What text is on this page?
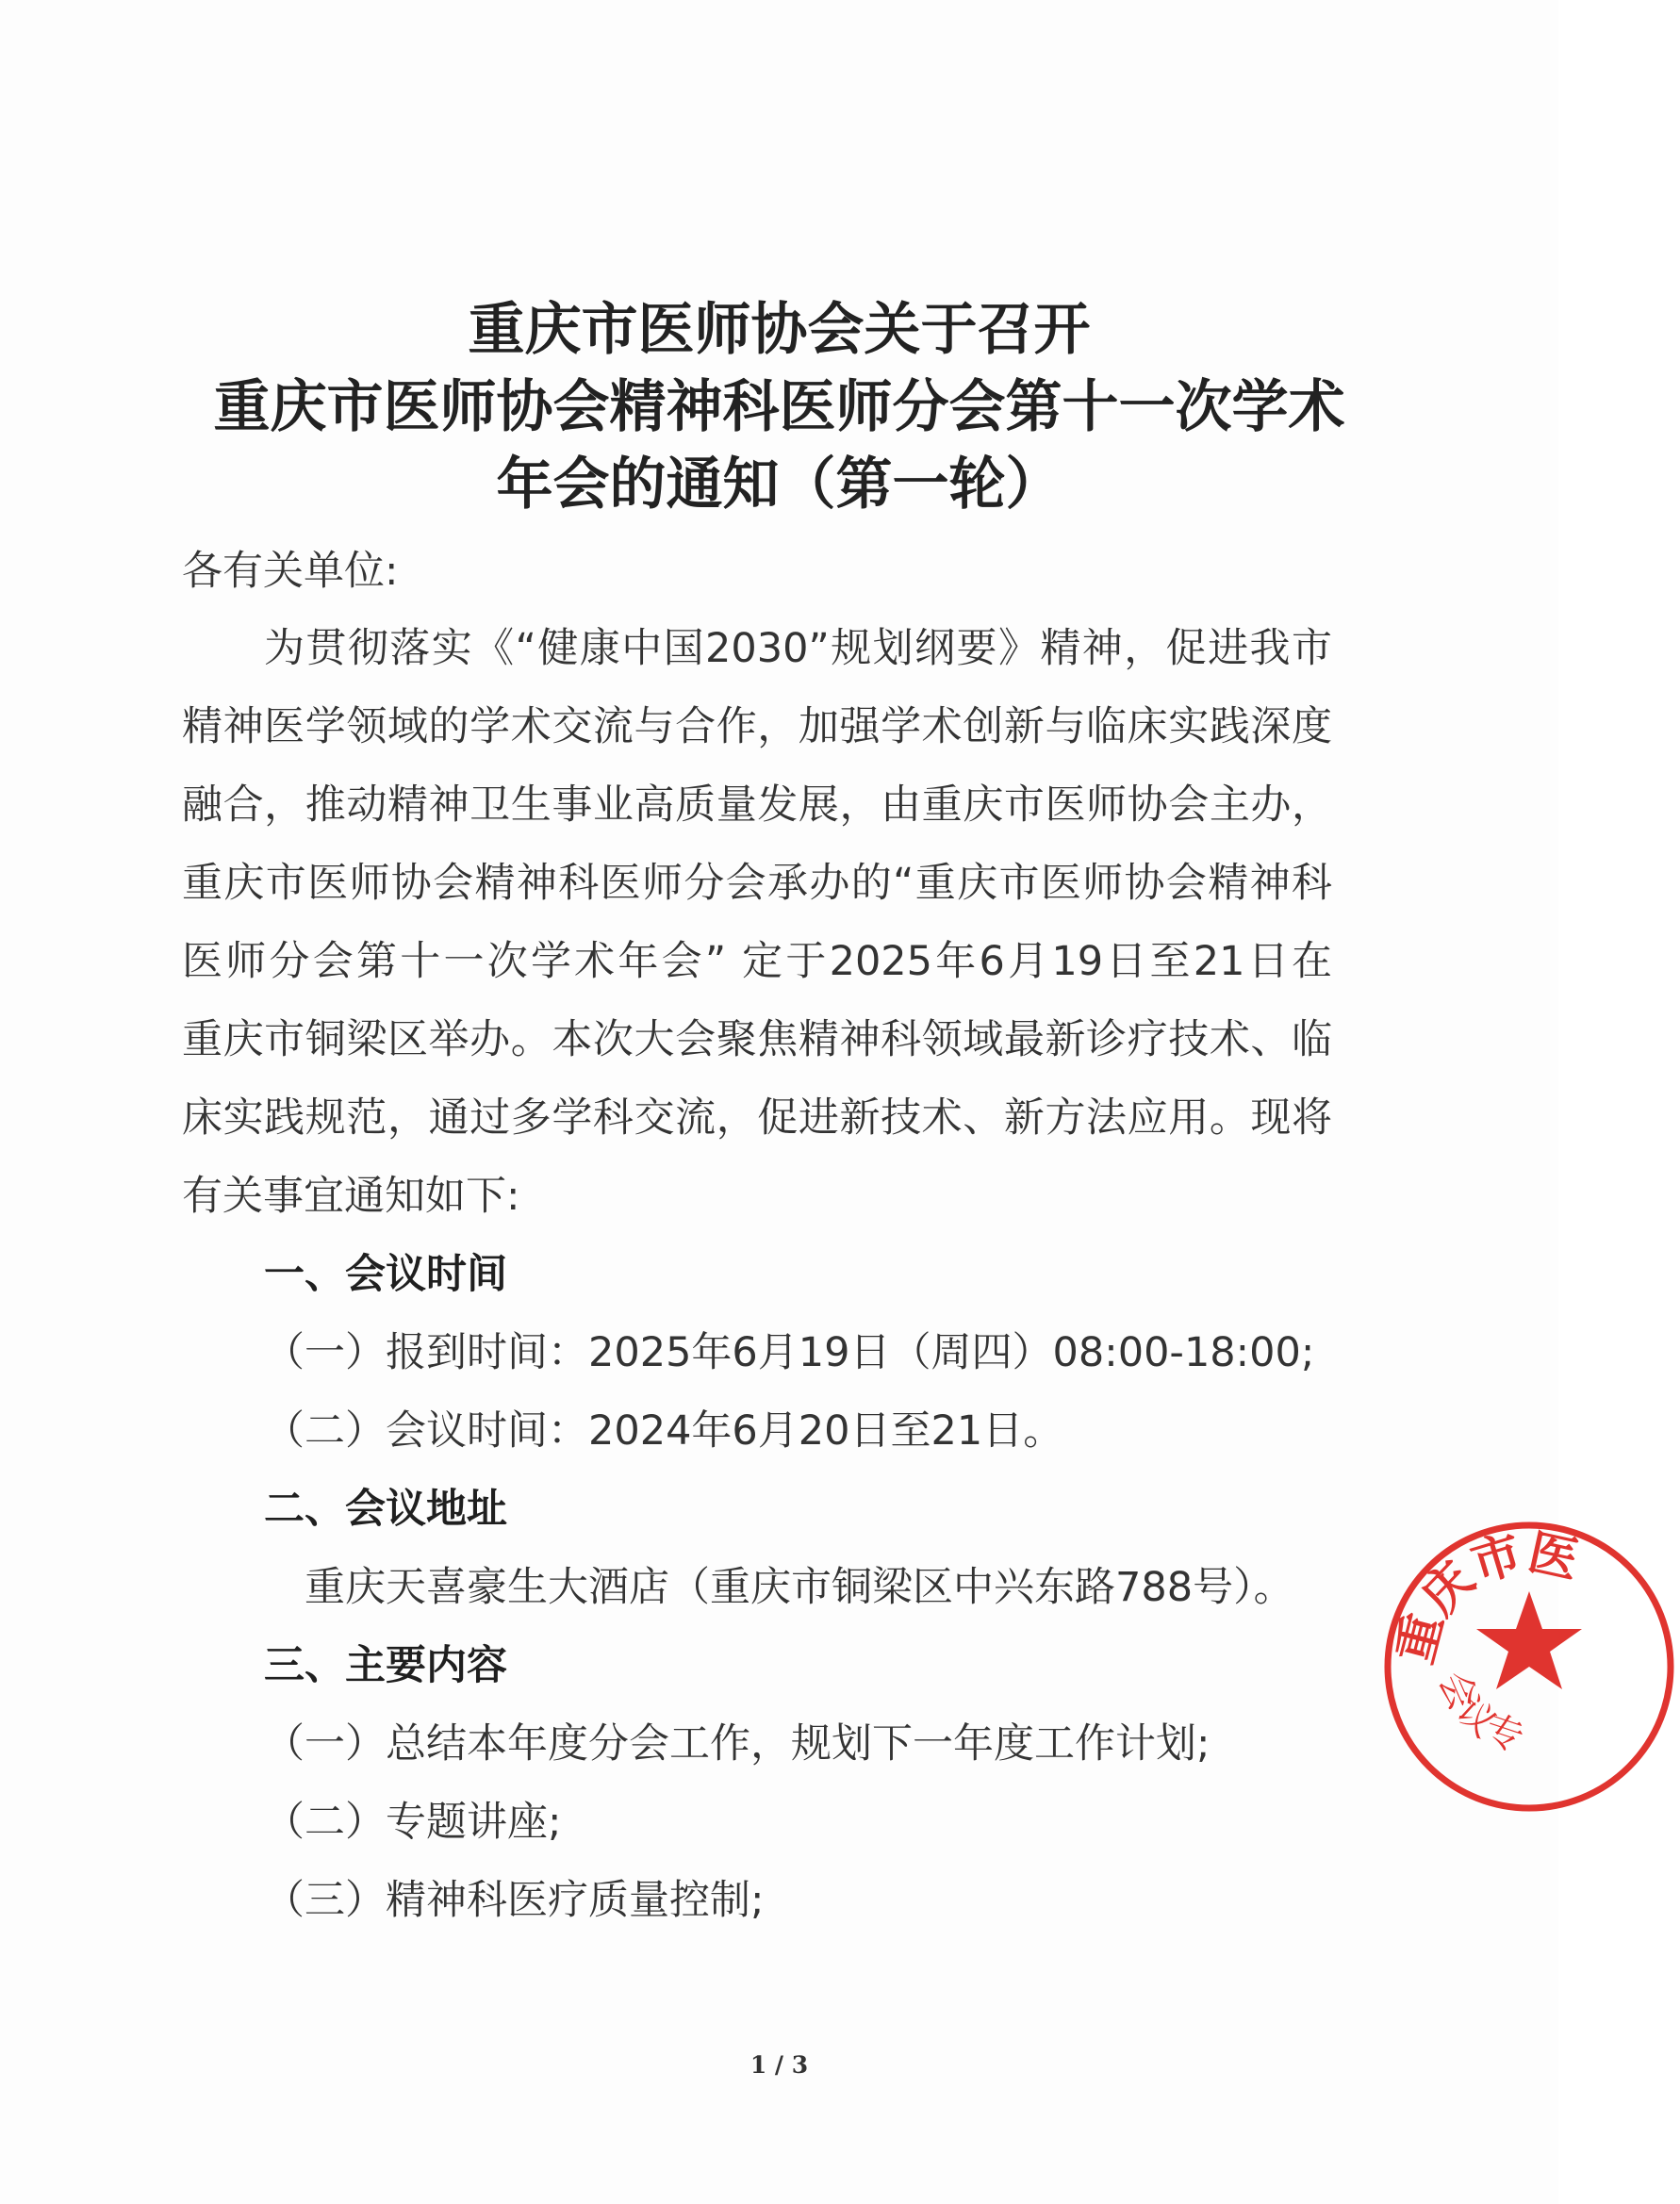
重庆市医师协会关于召开
重庆市医师协会精神科医师分会第十一次学术
年会的通知（第一轮）

各有关单位:

为贯彻落实《“健康中国2030”规划纲要》精神，促进我市

精神医学领域的学术交流与合作，加强学术创新与临床实践深度

融合，推动精神卫生事业高质量发展，由重庆市医师协会主办，

重庆市医师协会精神科医师分会承办的“重庆市医师协会精神科

医师分会第十一次学术年会” 定于2025年6月19日至21日在

重庆市铜梁区举办。本次大会聚焦精神科领域最新诊疗技术、临

床实践规范，通过多学科交流，促进新技术、新方法应用。现将

有关事宜通知如下:

一、会议时间

（一）报到时间：2025年6月19日（周四）08:00-18:00;

（二）会议时间：2024年6月20日至21日。

二、会议地址

重庆天喜豪生大酒店（重庆市铜梁区中兴东路788号）。

三、主要内容

（一）总结本年度分会工作，规划下一年度工作计划;

（二）专题讲座;

（三）精神科医疗质量控制;

重庆市医
会议专
1 / 3
